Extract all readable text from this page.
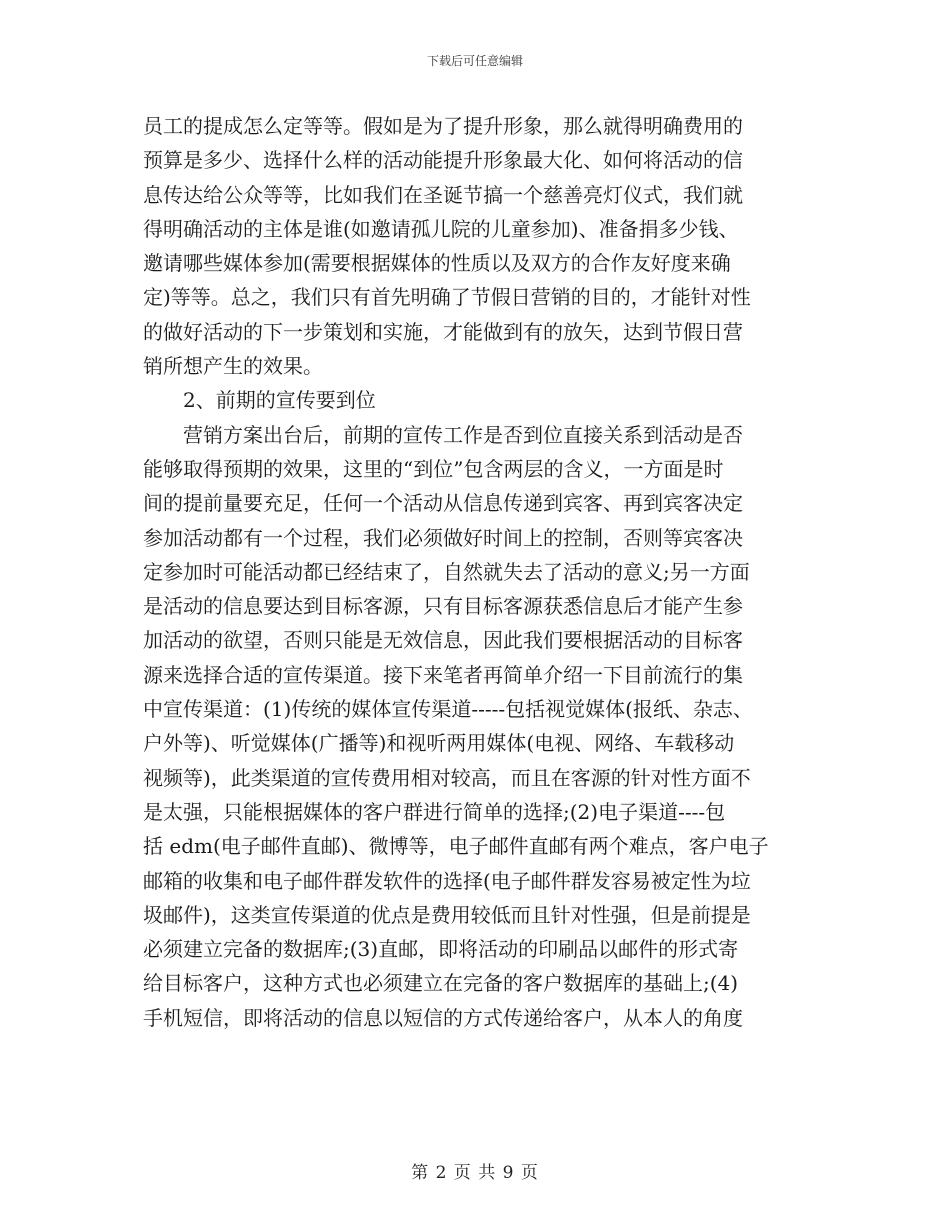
下载后可任意编辑
员工的提成怎么定等等。假如是为了提升形象，那么就得明确费用的
预算是多少、选择什么样的活动能提升形象最大化、如何将活动的信
息传达给公众等等，比如我们在圣诞节搞一个慈善亮灯仪式，我们就
得明确活动的主体是谁(如邀请孤儿院的儿童参加)、准备捐多少钱、
邀请哪些媒体参加(需要根据媒体的性质以及双方的合作友好度来确
定)等等。总之，我们只有首先明确了节假日营销的目的，才能针对性
的做好活动的下一步策划和实施，才能做到有的放矢，达到节假日营
销所想产生的效果。
2、前期的宣传要到位
营销方案出台后，前期的宣传工作是否到位直接关系到活动是否
能够取得预期的效果，这里的“到位”包含两层的含义，一方面是时
间的提前量要充足，任何一个活动从信息传递到宾客、再到宾客决定
参加活动都有一个过程，我们必须做好时间上的控制，否则等宾客决
定参加时可能活动都已经结束了，自然就失去了活动的意义;另一方面
是活动的信息要达到目标客源，只有目标客源获悉信息后才能产生参
加活动的欲望，否则只能是无效信息，因此我们要根据活动的目标客
源来选择合适的宣传渠道。接下来笔者再简单介绍一下目前流行的集
中宣传渠道：(1)传统的媒体宣传渠道-----包括视觉媒体(报纸、杂志、
户外等)、听觉媒体(广播等)和视听两用媒体(电视、网络、车载移动
视频等)，此类渠道的宣传费用相对较高，而且在客源的针对性方面不
是太强，只能根据媒体的客户群进行简单的选择;(2)电子渠道----包
括 edm(电子邮件直邮)、微博等，电子邮件直邮有两个难点，客户电子
邮箱的收集和电子邮件群发软件的选择(电子邮件群发容易被定性为垃
圾邮件)，这类宣传渠道的优点是费用较低而且针对性强，但是前提是
必须建立完备的数据库;(3)直邮，即将活动的印刷品以邮件的形式寄
给目标客户，这种方式也必须建立在完备的客户数据库的基础上;(4)
手机短信，即将活动的信息以短信的方式传递给客户，从本人的角度
第 2 页 共 9 页
